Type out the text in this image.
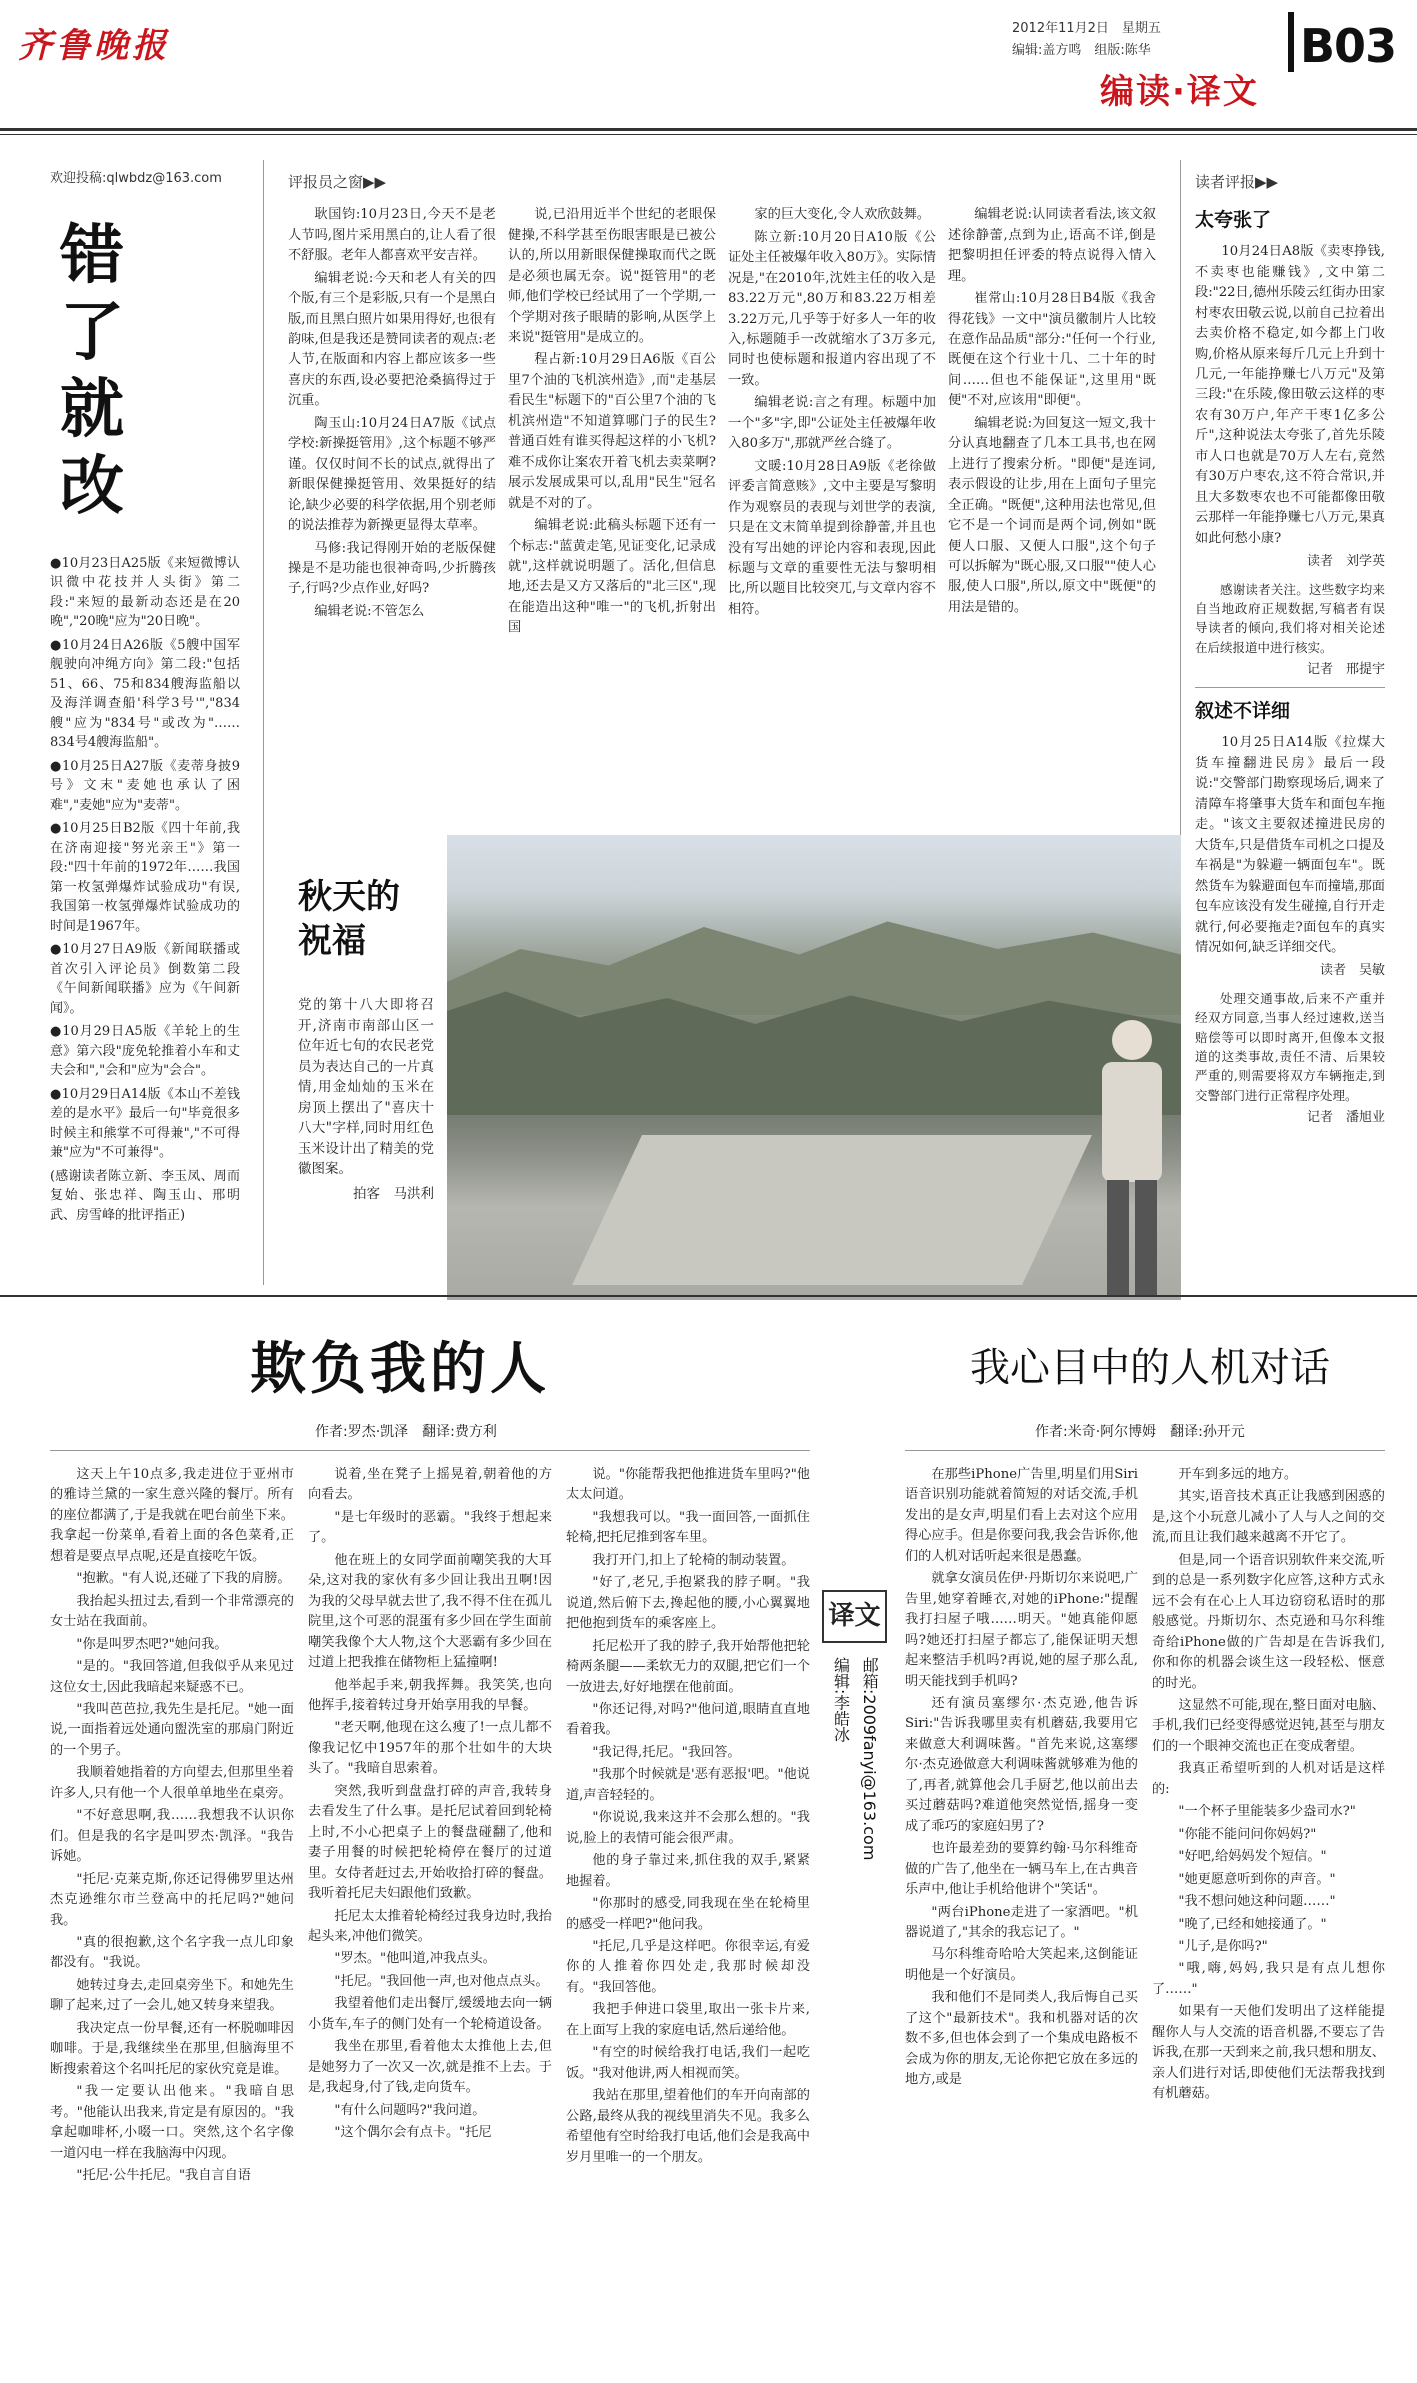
齐鲁晚报	2012年11月2日　星期五
编辑:盖方鸣　组版:陈华	B03
编读·译文
欢迎投稿:qlwbdz@163.com
错了就改

●10月23日A25版《来短微博认识微中花技并人头街》第二段:"来短的最新动态还是在20晚","20晚"应为"20日晚"。

●10月24日A26版《5艘中国军舰驶向冲绳方向》第二段:"包括51、66、75和834艘海监船以及海洋调查船'科学3号'","834艘"应为"834号"或改为"……834号4艘海监船"。

●10月25日A27版《麦蒂身披9号》文末"麦她也承认了困难","麦她"应为"麦蒂"。

●10月25日B2版《四十年前,我在济南迎接"努光亲王"》第一段:"四十年前的1972年……我国第一枚氢弹爆炸试验成功"有误,我国第一枚氢弹爆炸试验成功的时间是1967年。

●10月27日A9版《新闻联播或首次引入评论员》倒数第二段《午间新闻联播》应为《午间新闻》。

●10月29日A5版《羊轮上的生意》第六段"庞免轮推着小车和丈夫会和","会和"应为"会合"。

●10月29日A14版《本山不差钱 差的是水平》最后一句"毕竟很多时候主和熊掌不可得兼","不可得兼"应为"不可兼得"。

(感谢读者陈立新、李玉凤、周而复始、张忠祥、陶玉山、邢明武、房雪峰的批评指正)

评报员之窗▶▶

耿国钧:10月23日,今天不是老人节吗,图片采用黑白的,让人看了很不舒服。老年人都喜欢平安吉祥。

编辑老说:今天和老人有关的四个版,有三个是彩版,只有一个是黑白版,而且黑白照片如果用得好,也很有韵味,但是我还是赞同读者的观点:老人节,在版面和内容上都应该多一些喜庆的东西,设必要把沧桑搞得过于沉重。

陶玉山:10月24日A7版《试点学校:新操挺管用》,这个标题不够严谨。仅仅时间不长的试点,就得出了新眼保健操挺管用、效果挺好的结论,缺少必要的科学依据,用个别老师的说法推荐为新操更显得太草率。

马修:我记得刚开始的老版保健操是不是功能也很神奇吗,少折腾孩子,行吗?少点作业,好吗?

编辑老说:不管怎么

说,已沿用近半个世纪的老眼保健操,不科学甚至伤眼害眼是已被公认的,所以用新眼保健操取而代之既是必须也属无奈。说"挺管用"的老师,他们学校已经试用了一个学期,一个学期对孩子眼睛的影响,从医学上来说"挺管用"是成立的。

程占新:10月29日A6版《百公里7个油的飞机滨州造》,而"走基层看民生"标题下的"百公里7个油的飞机滨州造"不知道算哪门子的民生?普通百姓有谁买得起这样的小飞机?难不成你让案农开着飞机去卖菜啊?展示发展成果可以,乱用"民生"冠名就是不对的了。

编辑老说:此稿头标题下还有一个标志:"蓝黄走笔,见证变化,记录成就",这样就说明题了。活化,但信息地,还去是又方又落后的"北三区",现在能造出这种"唯一"的飞机,折射出国

家的巨大变化,令人欢欣鼓舞。

陈立新:10月20日A10版《公证处主任被爆年收入80万》。实际情况是,"在2010年,沈姓主任的收入是83.22万元",80万和83.22万相差3.22万元,几乎等于好多人一年的收入,标题随手一改就缩水了3万多元,同时也使标题和报道内容出现了不一致。

编辑老说:言之有理。标题中加一个"多"字,即"公证处主任被爆年收入80多万",那就严丝合缝了。

文暖:10月28日A9版《老徐做评委言简意赅》,文中主要是写黎明作为观察员的表现与刘世学的表演,只是在文末简单提到徐静蕾,并且也没有写出她的评论内容和表现,因此标题与文章的重要性无法与黎明相比,所以题目比较突兀,与文章内容不相符。

编辑老说:认同读者看法,该文叙述徐静蕾,点到为止,语高不详,倒是把黎明担任评委的特点说得入情入理。

崔常山:10月28日B4版《我舍得花钱》一文中"演员徽制片人比较在意作品品质"部分:"任何一个行业,既便在这个行业十几、二十年的时间……但也不能保证",这里用"既便"不对,应该用"即便"。

编辑老说:为回复这一短文,我十分认真地翻查了几本工具书,也在网上进行了搜索分析。"即便"是连词,表示假设的让步,用在上面句子里完全正确。"既便",这种用法也常见,但它不是一个词而是两个词,例如"既便人口服、又便人口服",这个句子可以拆解为"既心服,又口服""使人心服,使人口服",所以,原文中"既便"的用法是错的。

读者评报▶▶
太夸张了

10月24日A8版《卖枣挣钱,不卖枣也能赚钱》,文中第二段:"22日,德州乐陵云红街办田家村枣农田敬云说,以前自己拉着出去卖价格不稳定,如今都上门收购,价格从原来每斤几元上升到十几元,一年能挣赚七八万元"及第三段:"在乐陵,像田敬云这样的枣农有30万户,年产干枣1亿多公斤",这种说法太夸张了,首先乐陵市人口也就是70万人左右,竟然有30万户枣农,这不符合常识,并且大多数枣农也不可能都像田敬云那样一年能挣赚七八万元,果真如此何愁小康?

读者　刘学英

感谢读者关注。这些数字均来自当地政府正规数据,写稿者有误导读者的倾向,我们将对相关论述在后续报道中进行核实。

记者　邢提宇
叙述不详细

10月25日A14版《拉煤大货车撞翻进民房》最后一段说:"交警部门勘察现场后,调来了清障车将肇事大货车和面包车拖走。"该文主要叙述撞进民房的大货车,只是借货车司机之口提及车祸是"为躲避一辆面包车"。既然货车为躲避面包车而撞墙,那面包车应该没有发生碰撞,自行开走就行,何必要拖走?面包车的真实情况如何,缺乏详细交代。

读者　吴敏

处理交通事故,后来不产重并经双方同意,当事人经过速救,送当赔偿等可以即时离开,但像本文报道的这类事故,责任不清、后果较严重的,则需要将双方车辆拖走,到交警部门进行正常程序处理。

记者　潘旭业
秋天的祝福
党的第十八大即将召开,济南市南部山区一位年近七旬的农民老党员为表达自己的一片真情,用金灿灿的玉米在房顶上摆出了"喜庆十八大"字样,同时用红色玉米设计出了精美的党徽图案。
拍客　马洪利
欺负我的人
作者:罗杰·凯泽　翻译:费方利

这天上午10点多,我走进位于亚州市的雅诗兰黛的一家生意兴隆的餐厅。所有的座位都满了,于是我就在吧台前坐下来。我拿起一份菜单,看着上面的各色菜肴,正想着是要点早点呢,还是直接吃午饭。

"抱歉。"有人说,还碰了下我的肩膀。

我抬起头扭过去,看到一个非常漂亮的女士站在我面前。

"你是叫罗杰吧?"她问我。

"是的。"我回答道,但我似乎从来见过这位女士,因此我暗起来疑惑不已。

"我叫芭芭拉,我先生是托尼。"她一面说,一面指着远处通向盥洗室的那扇门附近的一个男子。

我顺着她指着的方向望去,但那里坐着许多人,只有他一个人很单单地坐在桌旁。

"不好意思啊,我……我想我不认识你们。但是我的名字是叫罗杰·凯泽。"我告诉她。

"托尼·克莱克斯,你还记得佛罗里达州杰克逊维尔市兰登高中的托尼吗?"她问我。

"真的很抱歉,这个名字我一点儿印象都没有。"我说。

她转过身去,走回桌旁坐下。和她先生聊了起来,过了一会儿,她又转身来望我。

我决定点一份早餐,还有一杯脱咖啡因咖啡。于是,我继续坐在那里,但脑海里不断搜索着这个名叫托尼的家伙究竟是谁。

"我一定要认出他来。"我暗自思考。"他能认出我来,肯定是有原因的。"我拿起咖啡杯,小啜一口。突然,这个名字像一道闪电一样在我脑海中闪现。

"托尼·公牛托尼。"我自言自语

说着,坐在凳子上摇晃着,朝着他的方向看去。

"是七年级时的恶霸。"我终于想起来了。

他在班上的女同学面前嘲笑我的大耳朵,这对我的家伙有多少回让我出丑啊!因为我的父母早就去世了,我不得不住在孤儿院里,这个可恶的混蛋有多少回在学生面前嘲笑我像个大人物,这个大恶霸有多少回在过道上把我推在储物柜上猛撞啊!

他举起手来,朝我挥舞。我笑笑,也向他挥手,接着转过身开始享用我的早餐。

"老天啊,他现在这么瘦了!一点儿都不像我记忆中1957年的那个壮如牛的大块头了。"我暗自思索着。

突然,我听到盘盘打碎的声音,我转身去看发生了什么事。是托尼试着回到轮椅上时,不小心把桌子上的餐盘碰翻了,他和妻子用餐的时候把轮椅停在餐厅的过道里。女侍者赶过去,开始收拾打碎的餐盘。我听着托尼夫妇跟他们致歉。

托尼太太推着轮椅经过我身边时,我抬起头来,冲他们微笑。

"罗杰。"他叫道,冲我点头。

"托尼。"我回他一声,也对他点点头。

我望着他们走出餐厅,缓缓地去向一辆小货车,车子的侧门处有一个轮椅道设备。

我坐在那里,看着他太太推他上去,但是她努力了一次又一次,就是推不上去。于是,我起身,付了钱,走向货车。

"有什么问题吗?"我问道。

"这个偶尔会有点卡。"托尼

说。"你能帮我把他推进货车里吗?"他太太问道。

"我想我可以。"我一面回答,一面抓住轮椅,把托尼推到客车里。

我打开门,扣上了轮椅的制动装置。

"好了,老兄,手抱紧我的脖子啊。"我说道,然后俯下去,搀起他的腰,小心翼翼地把他抱到货车的乘客座上。

托尼松开了我的脖子,我开始帮他把轮椅两条腿——柔软无力的双腿,把它们一个一放进去,好好地摆在他前面。

"你还记得,对吗?"他问道,眼睛直直地看着我。

"我记得,托尼。"我回答。

"我那个时候就是'恶有恶报'吧。"他说道,声音轻轻的。

"你说说,我来这并不会那么想的。"我说,脸上的表情可能会很严肃。

他的身子靠过来,抓住我的双手,紧紧地握着。

"你那时的感受,同我现在坐在轮椅里的感受一样吧?"他问我。

"托尼,几乎是这样吧。你很幸运,有爱你的人推着你四处走,我那时候却没有。"我回答他。

我把手伸进口袋里,取出一张卡片来,在上面写上我的家庭电话,然后递给他。

"有空的时候给我打电话,我们一起吃饭。"我对他讲,两人相视而笑。

我站在那里,望着他们的车开向南部的公路,最终从我的视线里消失不见。我多么希望他有空时给我打电话,他们会是我高中岁月里唯一的一个朋友。

译文
编辑:李皓冰 邮箱:2009fanyi@163.com
我心目中的人机对话
作者:米奇·阿尔博姆　翻译:孙开元

在那些iPhone广告里,明星们用Siri语音识别功能就着简短的对话交流,手机发出的是女声,明星们看上去对这个应用得心应手。但是你要问我,我会告诉你,他们的人机对话听起来很是愚蠢。

就拿女演员佐伊·丹斯切尔来说吧,广告里,她穿着睡衣,对她的iPhone:"提醒我打扫屋子哦……明天。"她真能仰愿吗?她还打扫屋子都忘了,能保证明天想起来整洁手机吗?再说,她的屋子那么乱,明天能找到手机吗?

还有演员塞缪尔·杰克逊,他告诉Siri:"告诉我哪里卖有机蘑菇,我要用它来做意大利调味酱。"首先来说,这塞缪尔·杰克逊做意大利调味酱就够难为他的了,再者,就算他会几手厨艺,他以前出去买过蘑菇吗?难道他突然觉悟,摇身一变成了乖巧的家庭妇男了?

也许最差劲的要算约翰·马尔科维奇做的广告了,他坐在一辆马车上,在古典音乐声中,他让手机给他讲个"笑话"。

"两台iPhone走进了一家酒吧。"机器说道了,"其余的我忘记了。"

马尔科维奇哈哈大笑起来,这倒能证明他是一个好演员。

我和他们不是同类人,我后悔自己买了这个"最新技术"。我和机器对话的次数不多,但也体会到了一个集成电路板不会成为你的朋友,无论你把它放在多远的地方,或是

开车到多远的地方。

其实,语音技术真正让我感到困惑的是,这个小玩意儿减小了人与人之间的交流,而且让我们越来越离不开它了。

但是,同一个语音识别软件来交流,听到的总是一系列数字化应答,这种方式永远不会有在心上人耳边窃窃私语时的那般感觉。丹斯切尔、杰克逊和马尔科维奇给iPhone做的广告却是在告诉我们,你和你的机器会谈生这一段轻松、惬意的时光。

这显然不可能,现在,整日面对电脑、手机,我们已经变得感觉迟钝,甚至与朋友们的一个眼神交流也正在变成奢望。

我真正希望听到的人机对话是这样的:

"一个杯子里能装多少盎司水?"

"你能不能问问你妈妈?"

"好吧,给妈妈发个短信。"

"她更愿意听到你的声音。"

"我不想问她这种问题……"

"晚了,已经和她接通了。"

"儿子,是你吗?"

"哦,嗨,妈妈,我只是有点儿想你了……"

如果有一天他们发明出了这样能提醒你人与人交流的语音机器,不要忘了告诉我,在那一天到来之前,我只想和朋友、亲人们进行对话,即使他们无法帮我找到有机蘑菇。
